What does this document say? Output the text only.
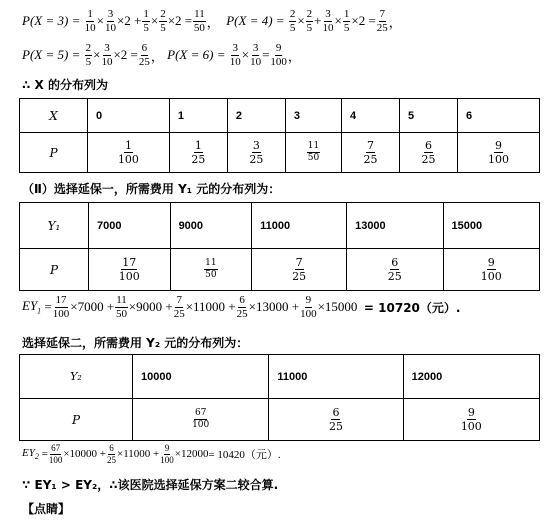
P(X = 3) =
$\frac{1}{10} \times \frac{3}{10} \times 2 + \frac{1}{5} \times \frac{2}{5} \times 2 = \frac{11}{50}$ ， P(X = 4) =
$\frac{2}{5} \times \frac{2}{5} + \frac{3}{10} \times \frac{1}{5} \times 2 = \frac{7}{25}$ ，
P(X = 5) =
$\frac{2}{5} \times \frac{3}{10} \times 2 = \frac{6}{25}$ ， P(X = 6) =
$\frac{3}{10} \times \frac{3}{10} = \frac{9}{100}$ ，
∴ X 的分布列为
X	0	1	2	3	4	5	6
P	$\frac{1}{100}$	$\frac{1}{25}$	$\frac{3}{25}$	$\frac{11}{50}$	$\frac{7}{25}$	$\frac{6}{25}$	$\frac{9}{100}$
（Ⅱ）选择延保一，所需费用 Y₁ 元的分布列为：
Y₁	7000	9000	11000	13000	15000
P	$\frac{17}{100}$	$\frac{11}{50}$	$\frac{7}{25}$	$\frac{6}{25}$	$\frac{9}{100}$
$EY_1 = \frac{17}{100} \times 7000 + \frac{11}{50} \times 9000 + \frac{7}{25} \times 11000 + \frac{6}{25} \times 13000 + \frac{9}{100} \times 15000 = 10720$（元）.
选择延保二，所需费用 Y₂ 元的分布列为：
Y₂	10000	11000	12000
P	$\frac{67}{100}$	$\frac{6}{25}$	$\frac{9}{100}$
$EY_2 = \frac{67}{100} \times 10000 + \frac{6}{25} \times 11000 + \frac{9}{100} \times 12000 = 10420$（元）.
∵ EY₁ > EY₂，∴该医院选择延保方案二较合算.
【点睛】
